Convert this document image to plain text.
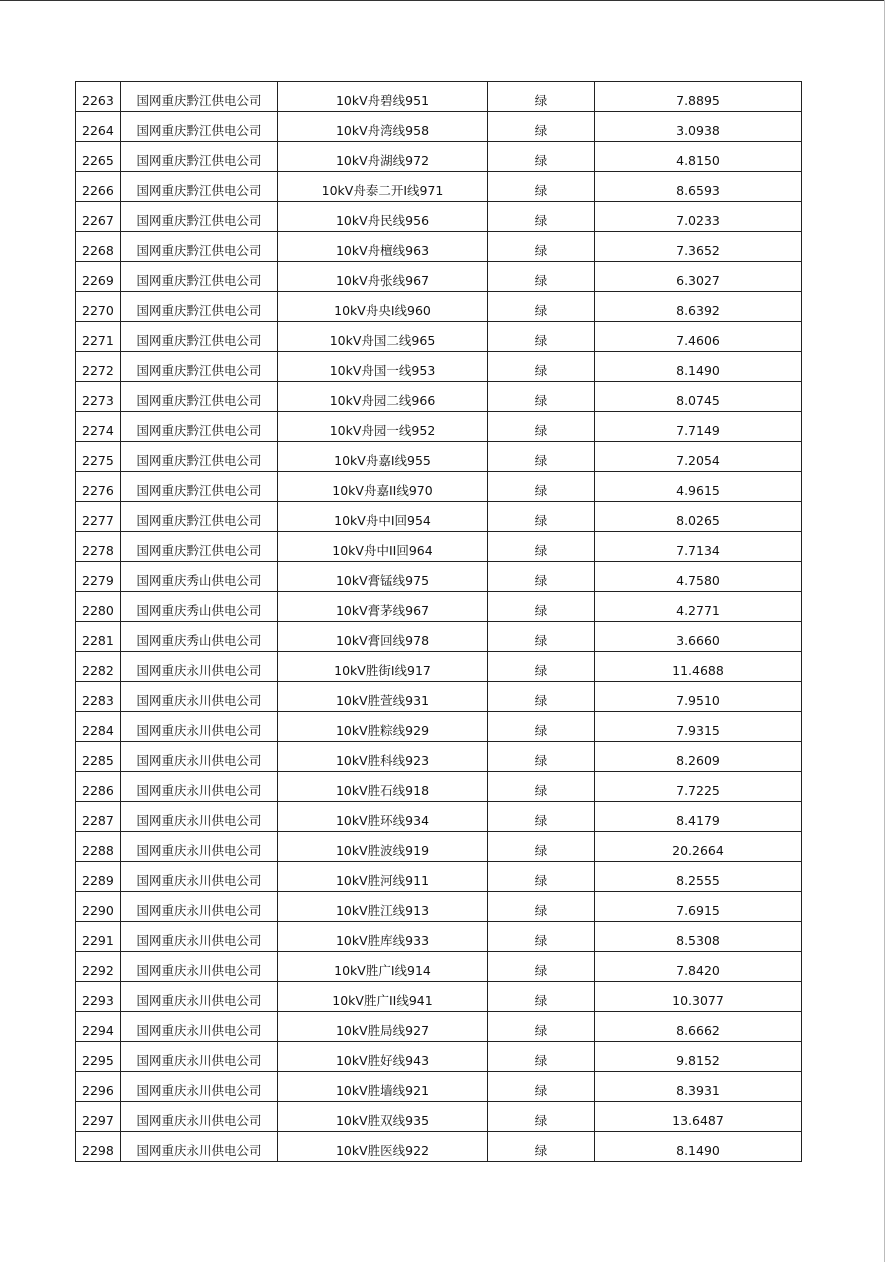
2263	国网重庆黔江供电公司	10kV舟碧线951	绿	7.8895
2264	国网重庆黔江供电公司	10kV舟湾线958	绿	3.0938
2265	国网重庆黔江供电公司	10kV舟湖线972	绿	4.8150
2266	国网重庆黔江供电公司	10kV舟泰二开I线971	绿	8.6593
2267	国网重庆黔江供电公司	10kV舟民线956	绿	7.0233
2268	国网重庆黔江供电公司	10kV舟檀线963	绿	7.3652
2269	国网重庆黔江供电公司	10kV舟张线967	绿	6.3027
2270	国网重庆黔江供电公司	10kV舟央I线960	绿	8.6392
2271	国网重庆黔江供电公司	10kV舟国二线965	绿	7.4606
2272	国网重庆黔江供电公司	10kV舟国一线953	绿	8.1490
2273	国网重庆黔江供电公司	10kV舟园二线966	绿	8.0745
2274	国网重庆黔江供电公司	10kV舟园一线952	绿	7.7149
2275	国网重庆黔江供电公司	10kV舟嘉I线955	绿	7.2054
2276	国网重庆黔江供电公司	10kV舟嘉II线970	绿	4.9615
2277	国网重庆黔江供电公司	10kV舟中I回954	绿	8.0265
2278	国网重庆黔江供电公司	10kV舟中II回964	绿	7.7134
2279	国网重庆秀山供电公司	10kV膏锰线975	绿	4.7580
2280	国网重庆秀山供电公司	10kV膏茅线967	绿	4.2771
2281	国网重庆秀山供电公司	10kV膏回线978	绿	3.6660
2282	国网重庆永川供电公司	10kV胜街I线917	绿	11.4688
2283	国网重庆永川供电公司	10kV胜萱线931	绿	7.9510
2284	国网重庆永川供电公司	10kV胜粽线929	绿	7.9315
2285	国网重庆永川供电公司	10kV胜科线923	绿	8.2609
2286	国网重庆永川供电公司	10kV胜石线918	绿	7.7225
2287	国网重庆永川供电公司	10kV胜环线934	绿	8.4179
2288	国网重庆永川供电公司	10kV胜波线919	绿	20.2664
2289	国网重庆永川供电公司	10kV胜河线911	绿	8.2555
2290	国网重庆永川供电公司	10kV胜江线913	绿	7.6915
2291	国网重庆永川供电公司	10kV胜库线933	绿	8.5308
2292	国网重庆永川供电公司	10kV胜广I线914	绿	7.8420
2293	国网重庆永川供电公司	10kV胜广II线941	绿	10.3077
2294	国网重庆永川供电公司	10kV胜局线927	绿	8.6662
2295	国网重庆永川供电公司	10kV胜好线943	绿	9.8152
2296	国网重庆永川供电公司	10kV胜墙线921	绿	8.3931
2297	国网重庆永川供电公司	10kV胜双线935	绿	13.6487
2298	国网重庆永川供电公司	10kV胜医线922	绿	8.1490
